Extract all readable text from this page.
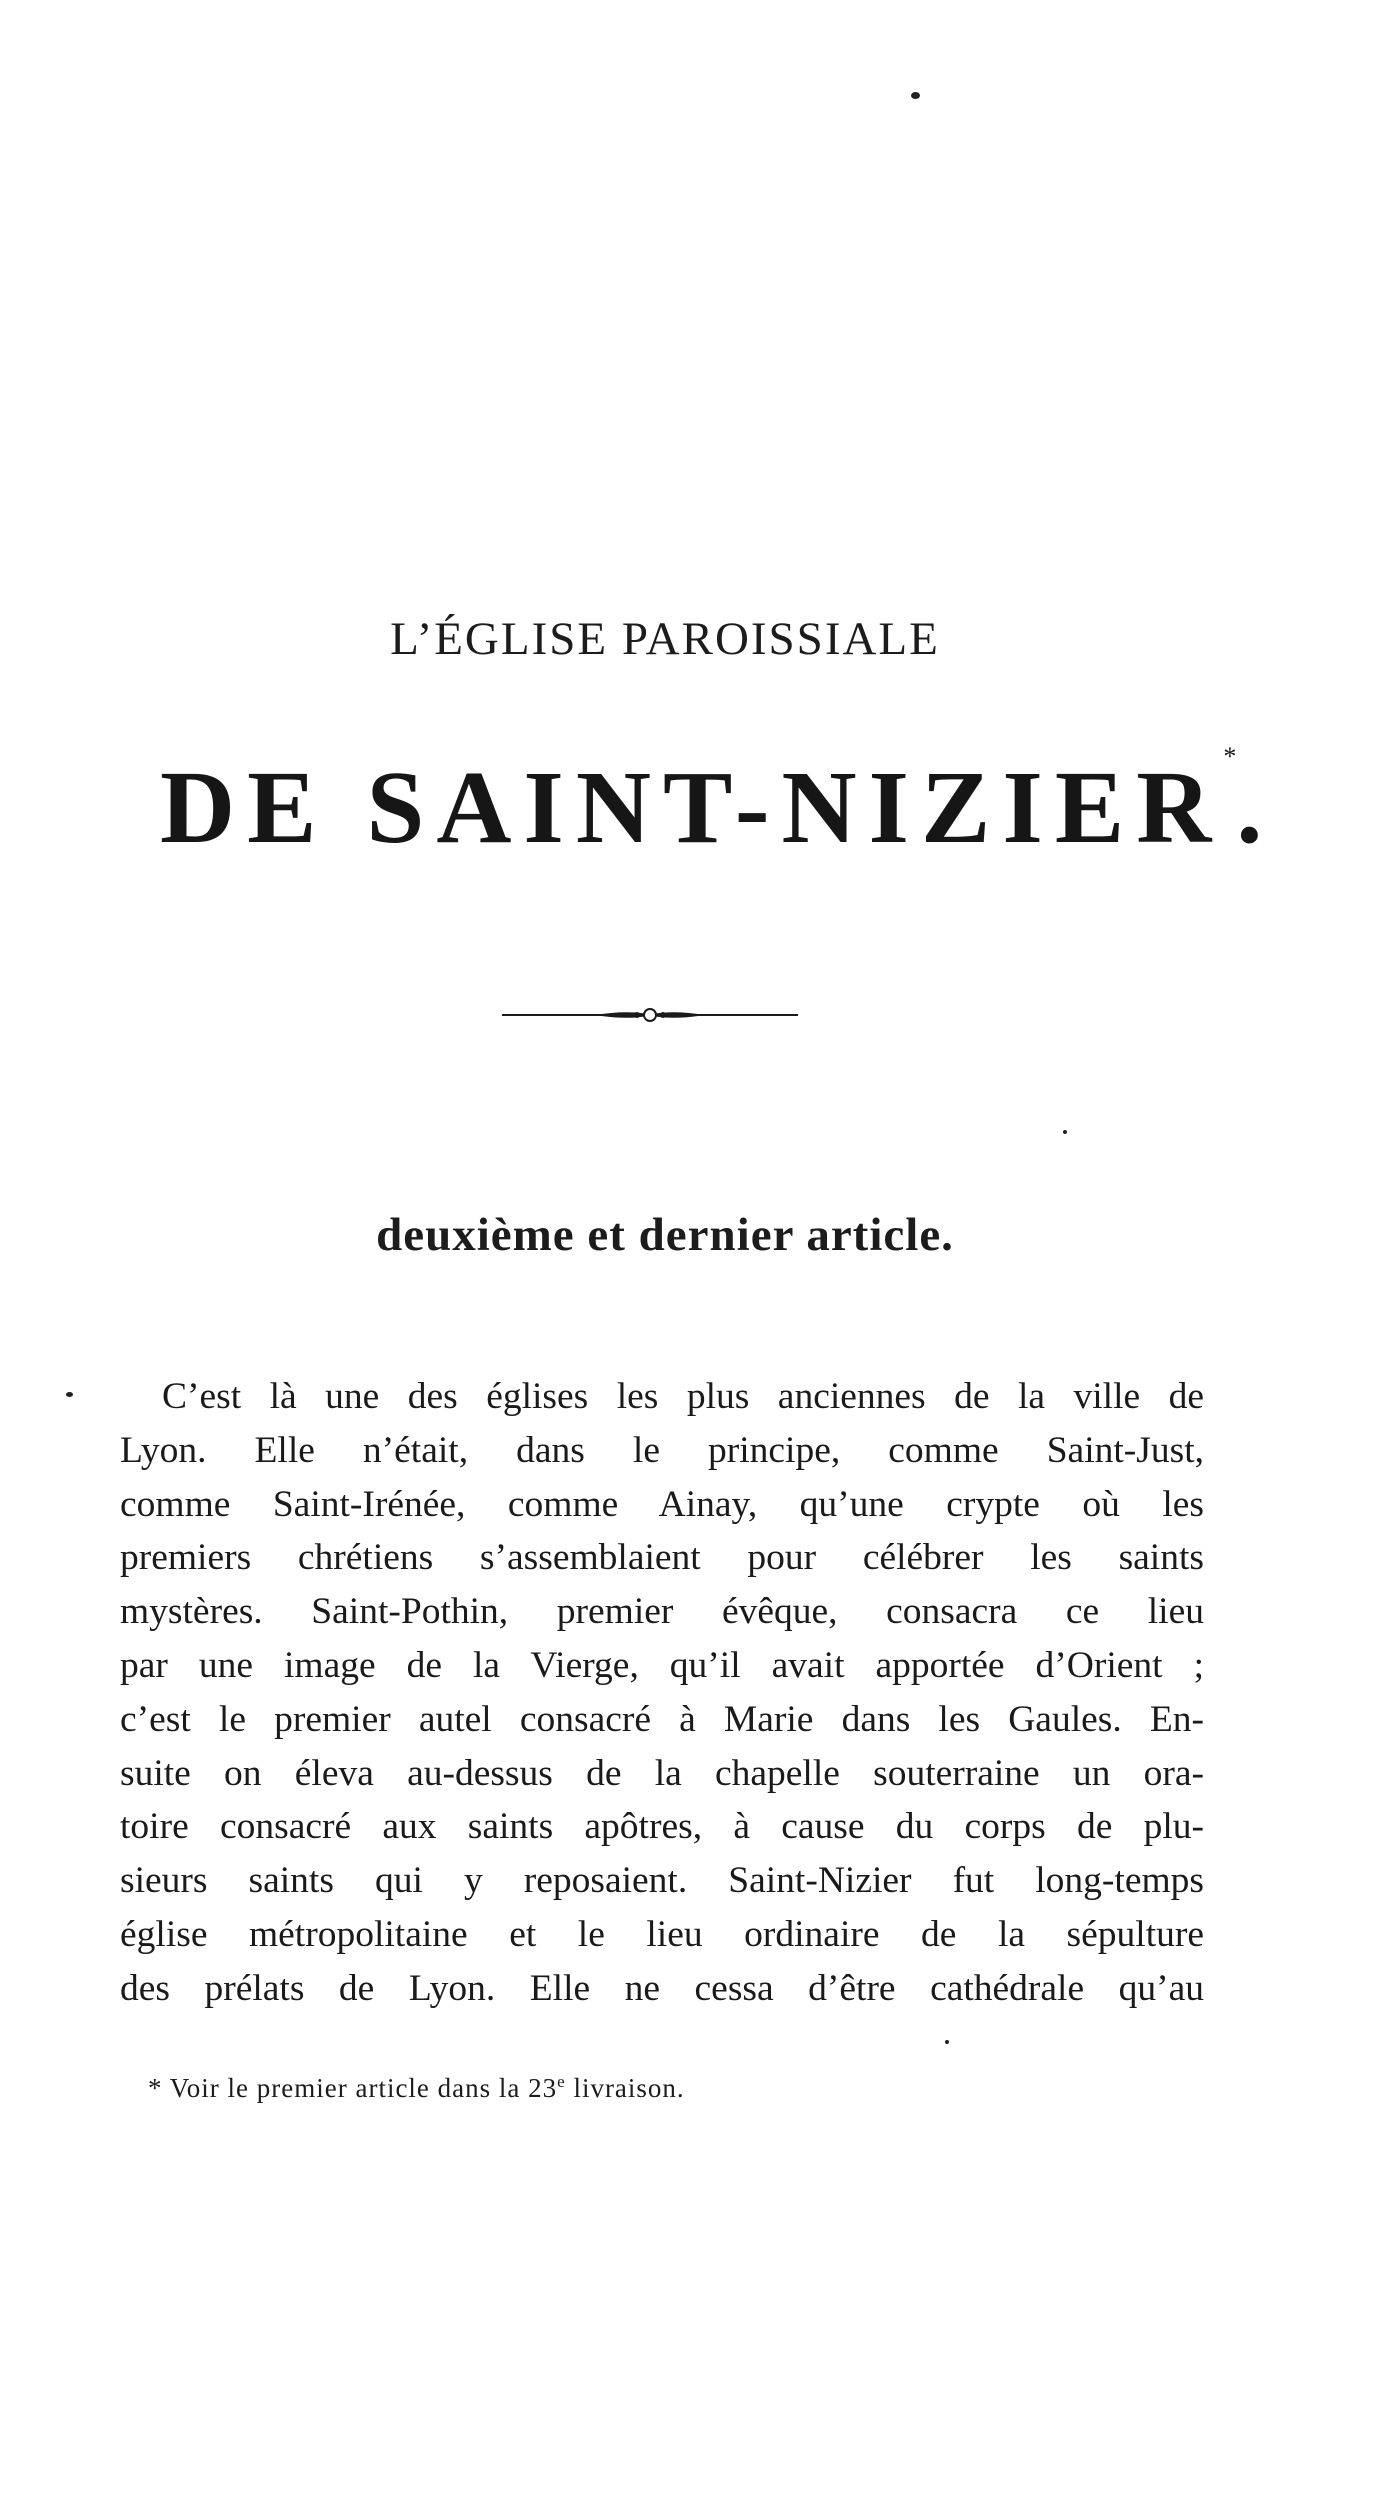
L’ÉGLISE PAROISSIALE
DE SAINT-NIZIER*.
deuxième et dernier article.
C’est là une des églises les plus anciennes de la ville de
Lyon. Elle n’était, dans le principe, comme Saint-Just,
comme Saint-Irénée, comme Ainay, qu’une crypte où les
premiers chrétiens s’assemblaient pour célébrer les saints
mystères. Saint-Pothin, premier évêque, consacra ce lieu
par une image de la Vierge, qu’il avait apportée d’Orient ;
c’est le premier autel consacré à Marie dans les Gaules. En-
suite on éleva au-dessus de la chapelle souterraine un ora-
toire consacré aux saints apôtres, à cause du corps de plu-
sieurs saints qui y reposaient. Saint-Nizier fut long-temps
église métropolitaine et le lieu ordinaire de la sépulture
des prélats de Lyon. Elle ne cessa d’être cathédrale qu’au
* Voir le premier article dans la 23e livraison.
